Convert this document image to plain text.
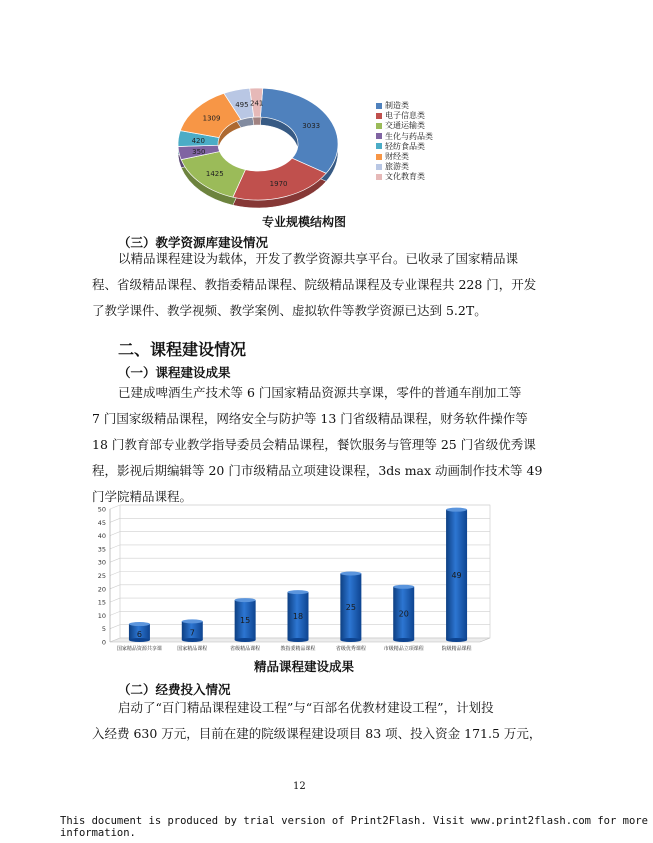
3033
1970
1425
350
420
1309
495 241	制造类
电子信息类
交通运输类
生化与药品类
轻纺食品类
财经类
旅游类
文化教育类
专业规模结构图
（三）教学资源库建设情况
以精品课程建设为载体，开发了教学资源共享平台。已收录了国家精品课
程、省级精品课程、教指委精品课程、院级精品课程及专业课程共 228 门，开发
了教学课件、教学视频、教学案例、虚拟软件等教学资源已达到 5.2T。
二、课程建设情况
（一）课程建设成果
已建成啤酒生产技术等 6 门国家精品资源共享课，零件的普通车削加工等
7 门国家级精品课程，网络安全与防护等 13 门省级精品课程，财务软件操作等
18 门教育部专业教学指导委员会精品课程，餐饮服务与管理等 25 门省级优秀课
程，影视后期编辑等 20 门市级精品立项建设课程，3ds max 动画制作技术等 49
门学院精品课程。
0
5
10
15
20
25
30
35
40
45
50
6
国家精品资源共享课
7
国家精品课程
15
省级精品课程
18
教指委精品课程
25
省级优秀课程
20
市级精品立项课程
49
院级精品课程
精品课程建设成果
（二）经费投入情况
启动了“百门精品课程建设工程”与“百部名优教材建设工程”，计划投
入经费 630 万元，目前在建的院级课程建设项目 83 项、投入资金 171.5 万元，
12
This document is produced by trial version of Print2Flash. Visit www.print2flash.com for more information.
